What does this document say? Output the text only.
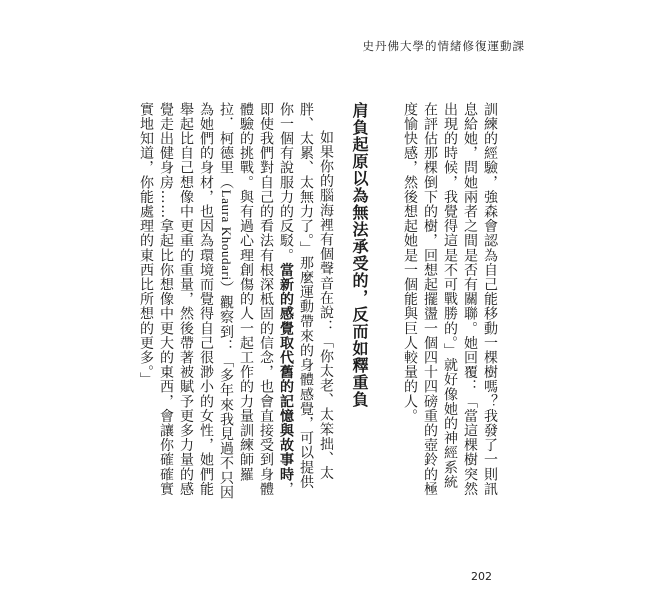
史丹佛大學的情緒修復運動課

訓練的經驗，強森會認為自己能移動一棵樹嗎？我發了一則訊息給她，問她兩者之間是否有關聯。她回覆：「當這棵樹突然出現的時候，我覺得這是不可戰勝的。」就好像她的神經系統在評估那棵倒下的樹，回想起擺盪一個四十四磅重的壺鈴的極度愉快感，然後想起她是一個能與巨人較量的人。

肩負起原以為無法承受的，反而如釋重負

如果你的腦海裡有個聲音在說：「你太老、太笨拙、太胖、太累、太無力了。」那麼運動帶來的身體感覺，可以提供你一個有說服力的反駁。當新的感覺取代舊的記憶與故事時，即使我們對自己的看法有根深柢固的信念，也會直接受到身體體驗的挑戰。與有過心理創傷的人一起工作的力量訓練師羅拉．柯德里（Laura Khoudari）觀察到：「多年來我見過不只因為她們的身材，也因為環境而覺得自己很渺小的女性，她們能舉起比自己想像中更重的重量，然後帶著被賦予更多力量的感覺走出健身房……拿起比你想像中更大的東西，會讓你確確實實地知道，你能處理的東西比所想的更多。」

202
